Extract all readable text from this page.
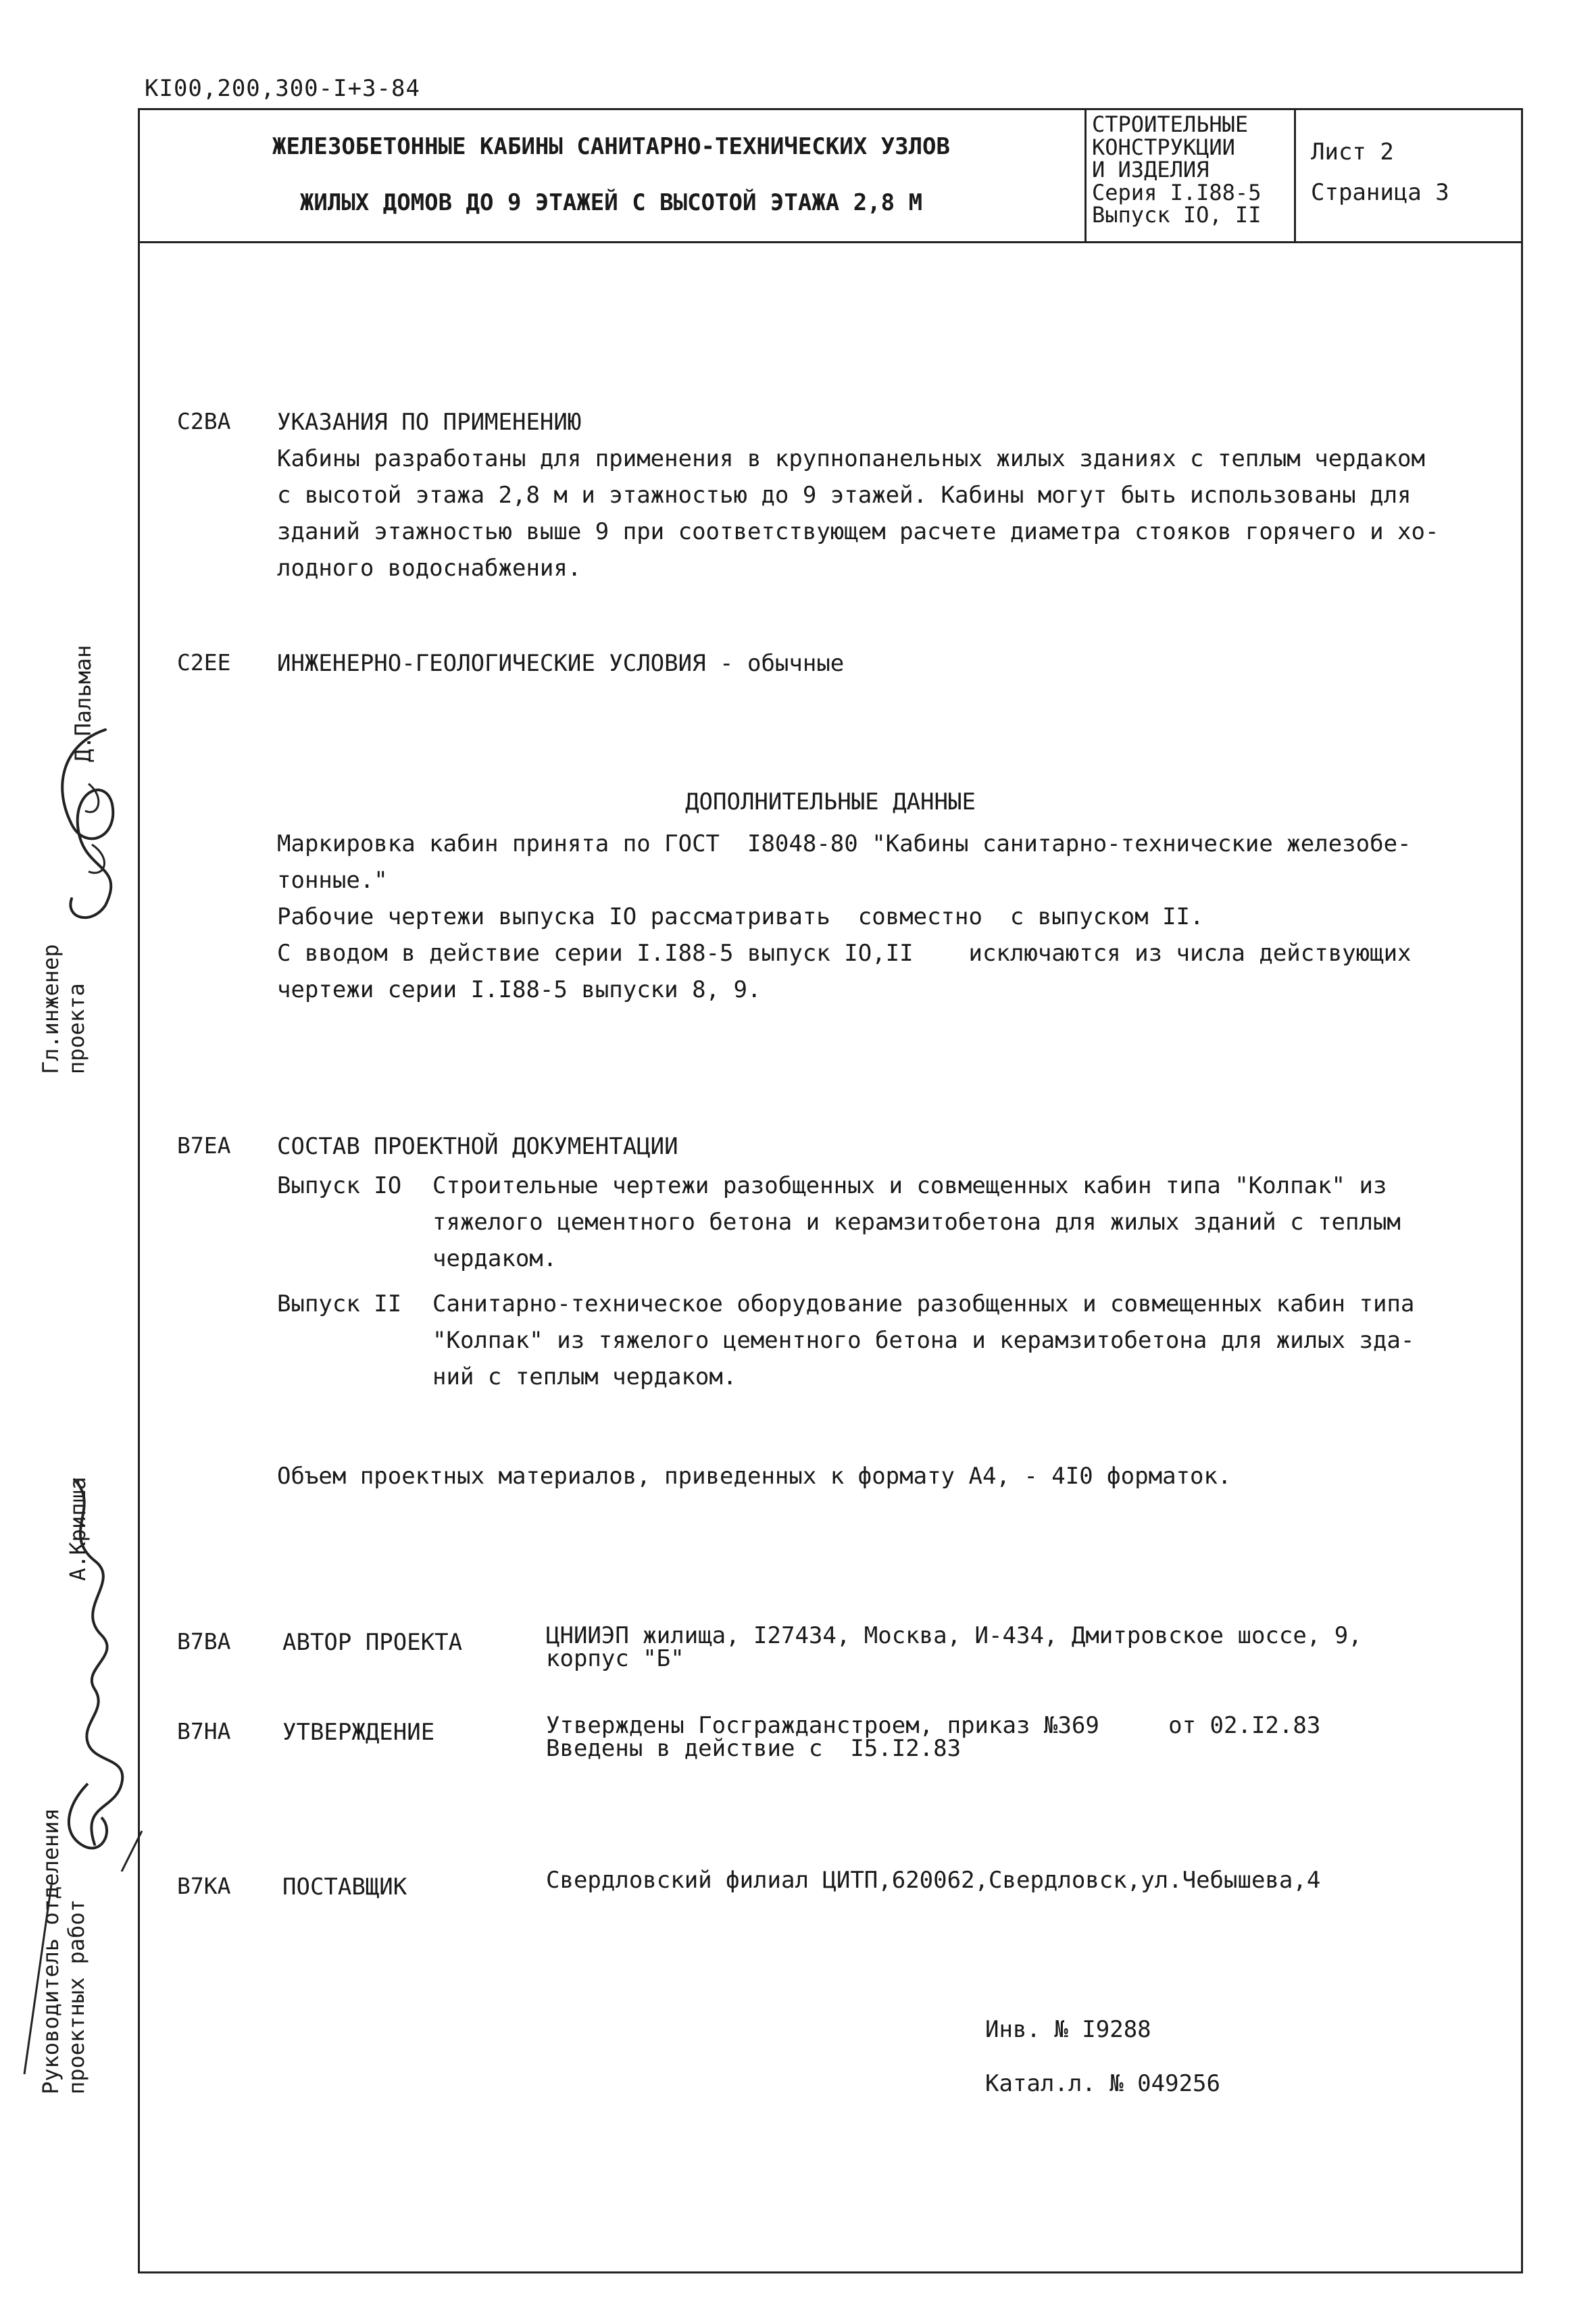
КI00,200,300-I+3-84
ЖЕЛЕЗОБЕТОННЫЕ КАБИНЫ САНИТАРНО-ТЕХНИЧЕСКИХ УЗЛОВ
ЖИЛЫХ ДОМОВ ДО 9 ЭТАЖЕЙ С ВЫСОТОЙ ЭТАЖА 2,8 М
СТРОИТЕЛЬНЫЕ
КОНСТРУКЦИИ
И ИЗДЕЛИЯ
Серия I.I88-5
Выпуск IO, II
Лист 2
Страница 3
С2ВА УКАЗАНИЯ ПО ПРИМЕНЕНИЮ
Кабины разработаны для применения в крупнопанельных жилых зданиях с теплым чердаком
с высотой этажа 2,8 м и этажностью до 9 этажей. Кабины могут быть использованы для
зданий этажностью выше 9 при соответствующем расчете диаметра стояков горячего и хо-
лодного водоснабжения.
С2ЕЕ ИНЖЕНЕРНО-ГЕОЛОГИЧЕСКИЕ УСЛОВИЯ - обычные
ДОПОЛНИТЕЛЬНЫЕ ДАННЫЕ
Маркировка кабин принята по ГОСТ  I8048-80 "Кабины санитарно-технические железобе-
тонные."
Рабочие чертежи выпуска IO рассматривать  совместно  с выпуском II.
С вводом в действие серии I.I88-5 выпуск IO,II    исключаются из числа действующих
чертежи серии I.I88-5 выпуски 8, 9.
В7ЕА СОСТАВ ПРОЕКТНОЙ ДОКУМЕНТАЦИИ
Выпуск IO Строительные чертежи разобщенных и совмещенных кабин типа "Колпак" из
тяжелого цементного бетона и керамзитобетона для жилых зданий с теплым
чердаком.
Выпуск II Санитарно-техническое оборудование разобщенных и совмещенных кабин типа
"Колпак" из тяжелого цементного бетона и керамзитобетона для жилых зда-
ний с теплым чердаком.
Объем проектных материалов, приведенных к формату А4, - 4I0 форматок.
В7ВА АВТОР ПРОЕКТА	ЦНИИЭП жилища, I27434, Москва, И-434, Дмитровское шоссе, 9,
корпус "Б"
В7НА УТВЕРЖДЕНИЕ	Утверждены Госгражданстроем, приказ №369     от 02.I2.83
Введены в действие с  I5.I2.83
В7КА ПОСТАВЩИК	Свердловский филиал ЦИТП,620062,Свердловск,ул.Чебышева,4
Инв. № I9288
Катал.л. № 049256
Гл.инженер проекта
Д.Пальман
Руководитель отделения проектных работ
А.Крипша
